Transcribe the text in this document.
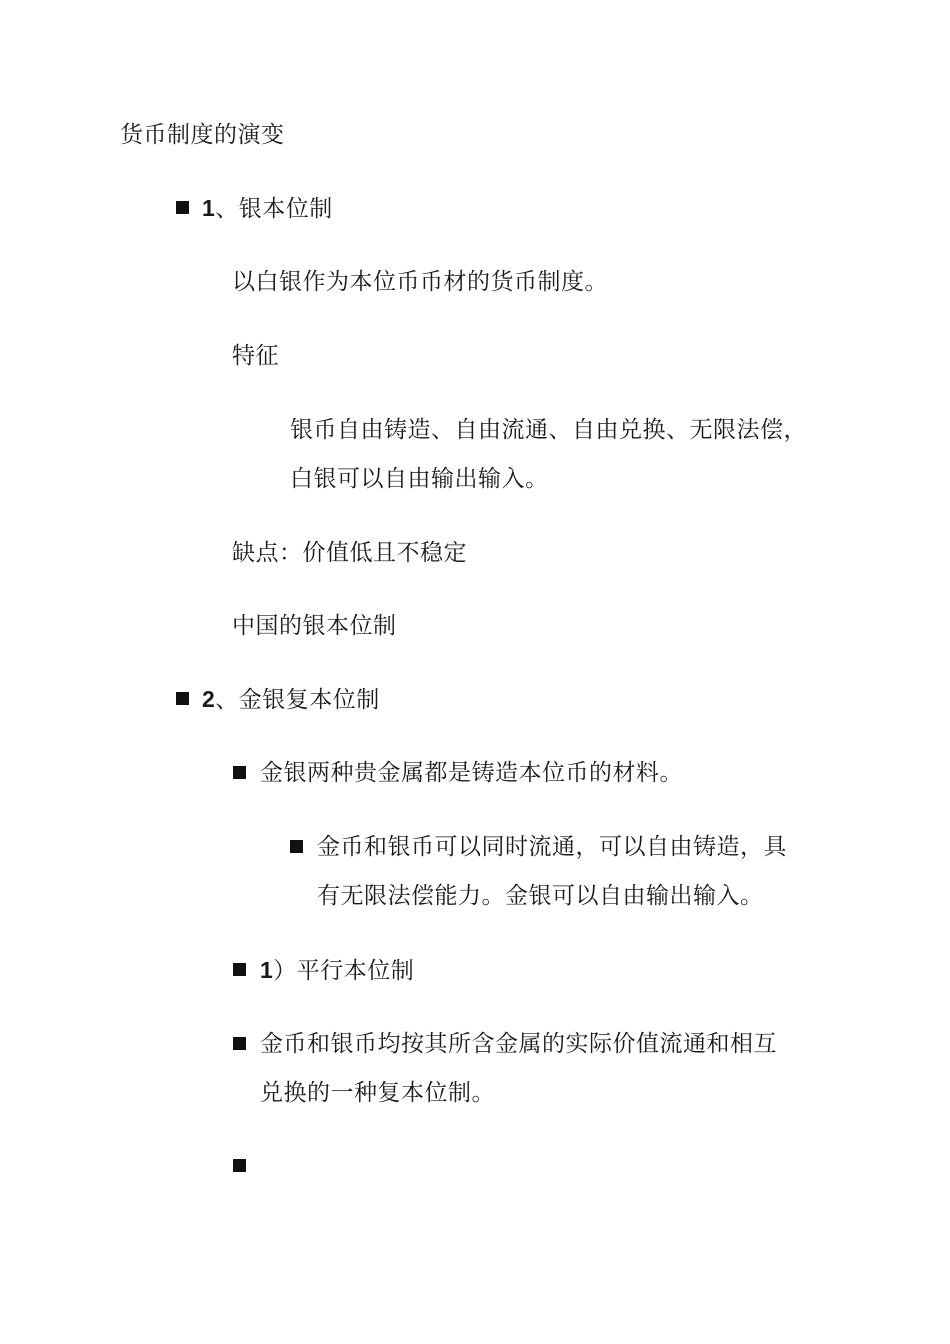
货币制度的演变
1、银本位制
以白银作为本位币币材的货币制度。
特征
银币自由铸造、自由流通、自由兑换、无限法偿，
白银可以自由输出输入。
缺点：价值低且不稳定
中国的银本位制
2、金银复本位制
金银两种贵金属都是铸造本位币的材料。
金币和银币可以同时流通，可以自由铸造，具
有无限法偿能力。金银可以自由输出输入。
1）平行本位制
金币和银币均按其所含金属的实际价值流通和相互
兑换的一种复本位制。
